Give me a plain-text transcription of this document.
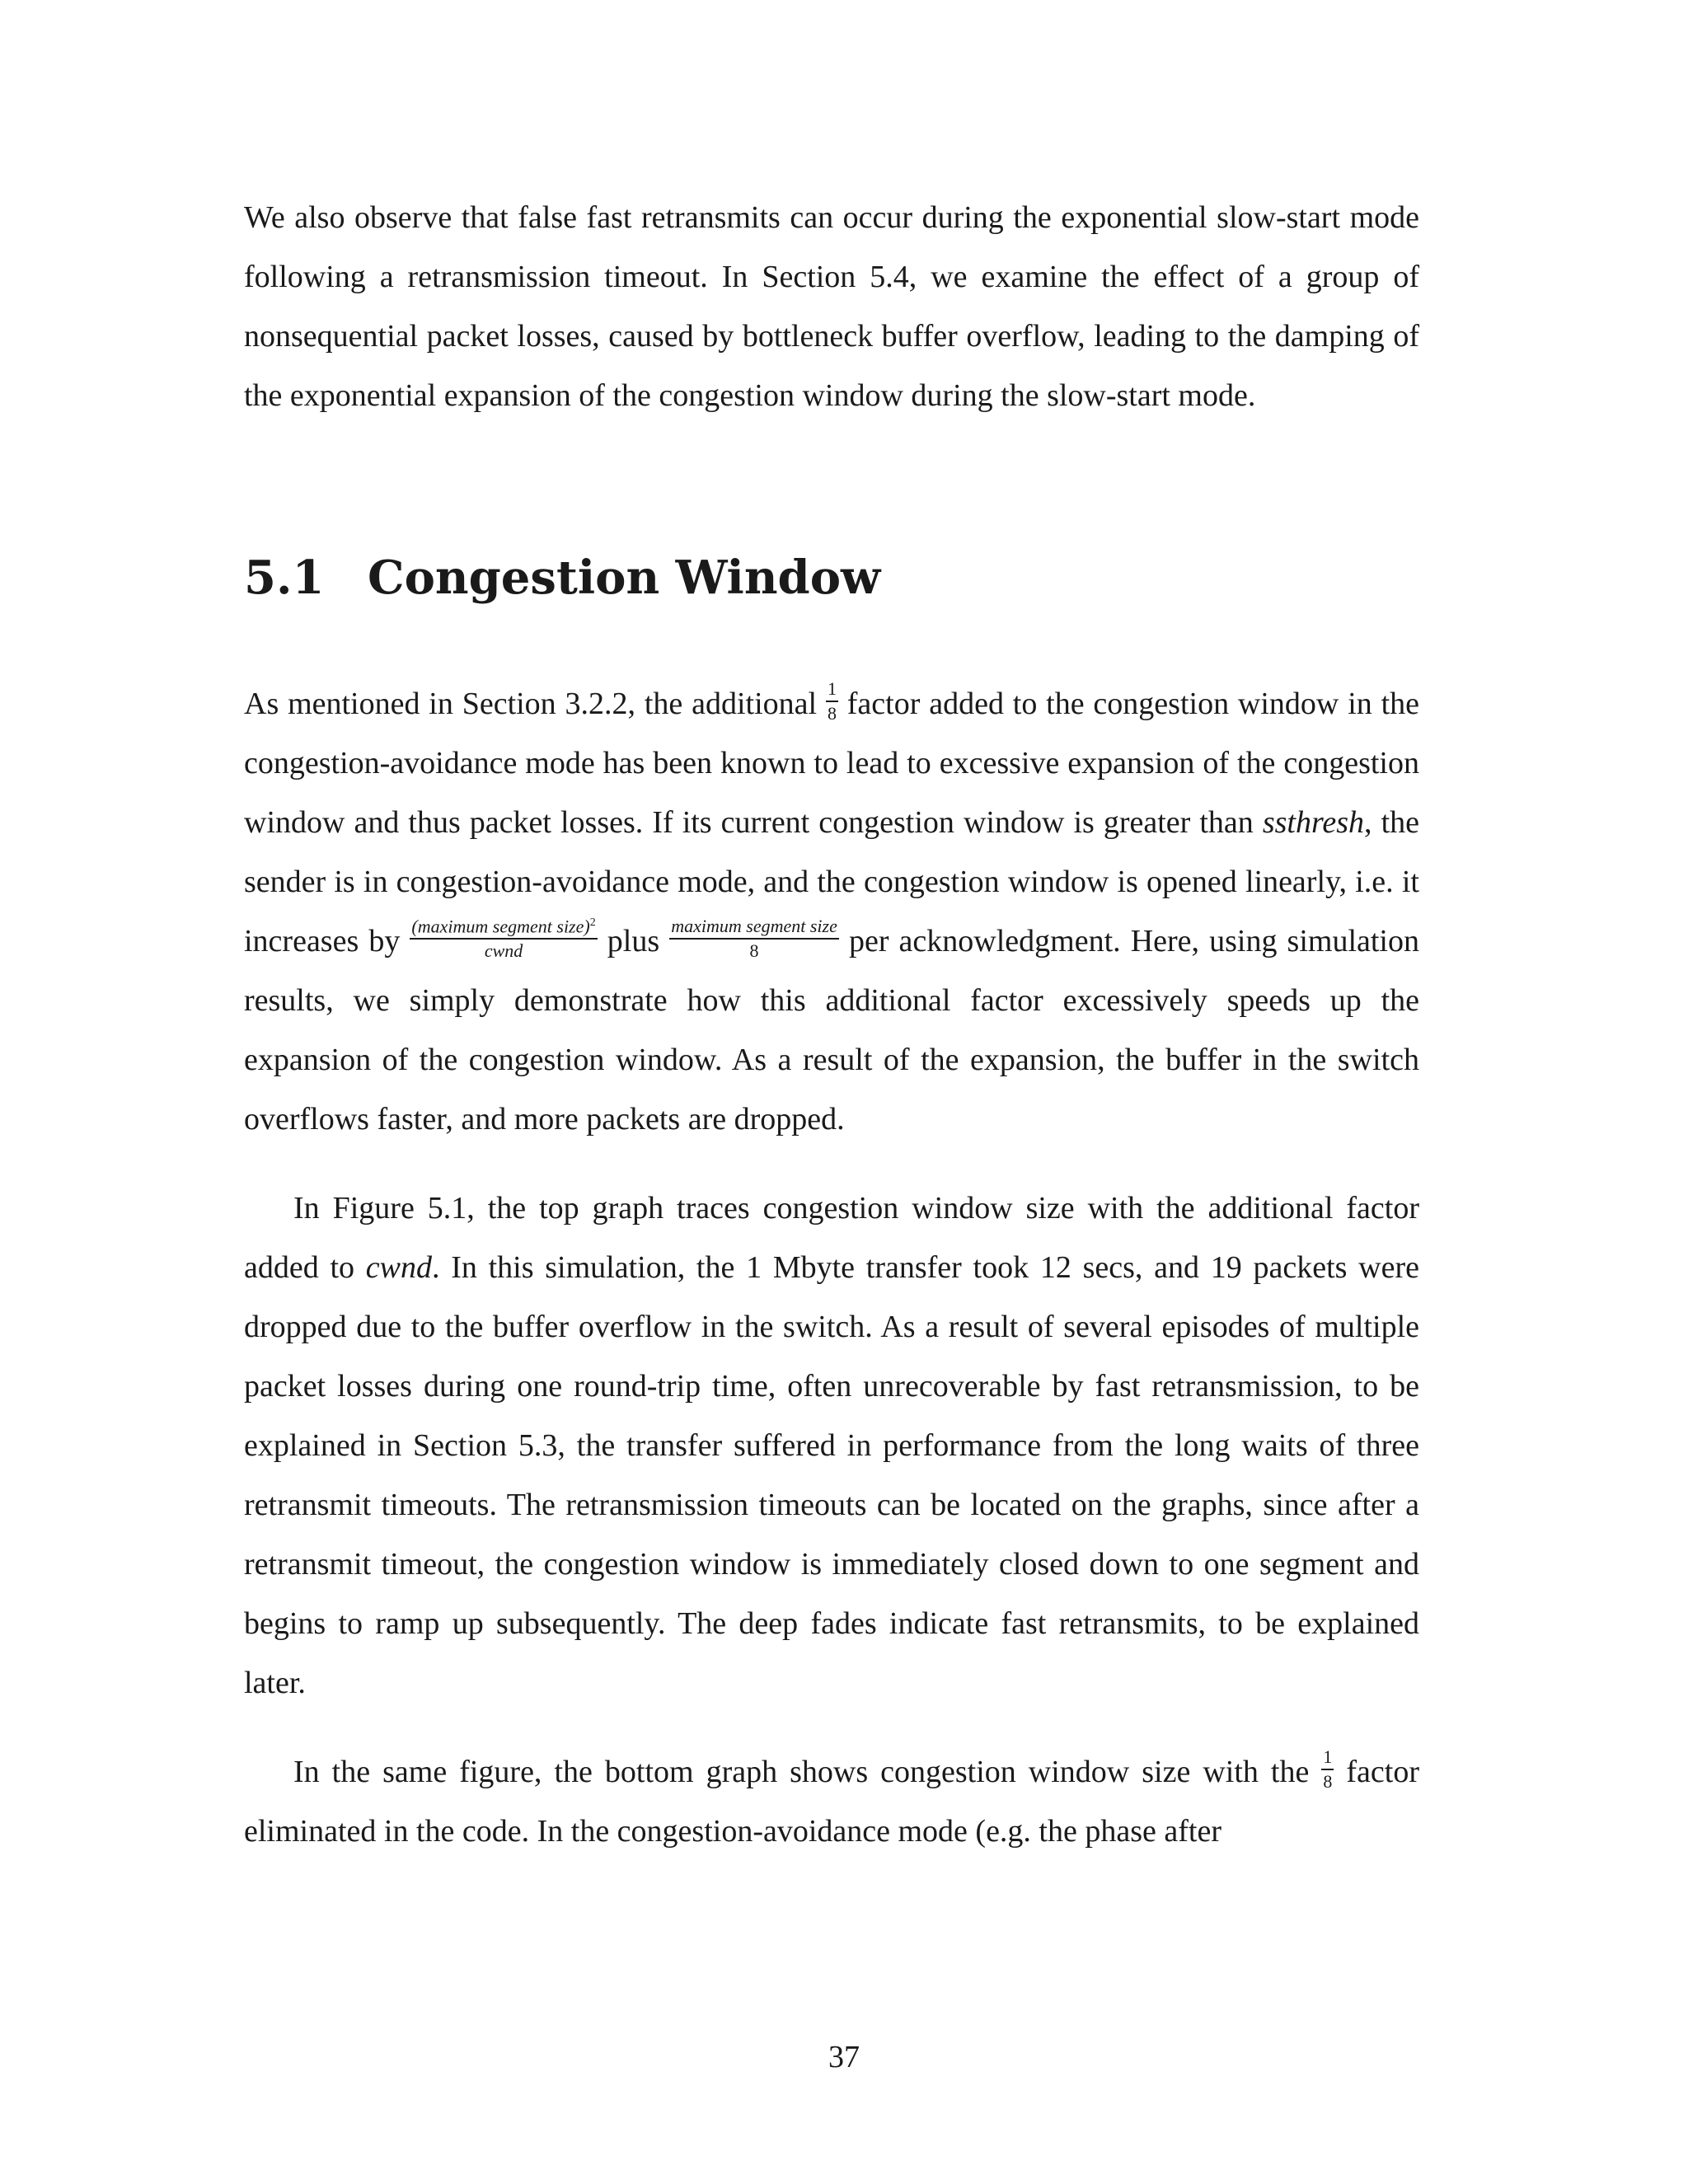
We also observe that false fast retransmits can occur during the exponential slow-start mode following a retransmission timeout. In Section 5.4, we examine the effect of a group of nonsequential packet losses, caused by bottleneck buffer overflow, leading to the damping of the exponential expansion of the congestion window during the slow-start mode.

5.1 Congestion Window

As mentioned in Section 3.2.2, the additional $\frac{1}{8}$ factor added to the congestion window in the congestion-avoidance mode has been known to lead to excessive expansion of the congestion window and thus packet losses. If its current congestion window is greater than ssthresh, the sender is in congestion-avoidance mode, and the congestion window is opened linearly, i.e. it increases by $\frac{(maximum segment size)^2}{\text{cwnd}}$ plus $\frac{\text{maximum segment size}}{8}$ per acknowledgment. Here, using simulation results, we simply demonstrate how this additional factor excessively speeds up the expansion of the congestion window. As a result of the expansion, the buffer in the switch overflows faster, and more packets are dropped.

In Figure 5.1, the top graph traces congestion window size with the additional factor added to cwnd. In this simulation, the 1 Mbyte transfer took 12 secs, and 19 packets were dropped due to the buffer overflow in the switch. As a result of several episodes of multiple packet losses during one round-trip time, often unrecoverable by fast retransmission, to be explained in Section 5.3, the transfer suffered in performance from the long waits of three retransmit timeouts. The retransmission timeouts can be located on the graphs, since after a retransmit timeout, the congestion window is immediately closed down to one segment and begins to ramp up subsequently. The deep fades indicate fast retransmits, to be explained later.

In the same figure, the bottom graph shows congestion window size with the $\frac{1}{8}$ factor eliminated in the code. In the congestion-avoidance mode (e.g. the phase after

37
